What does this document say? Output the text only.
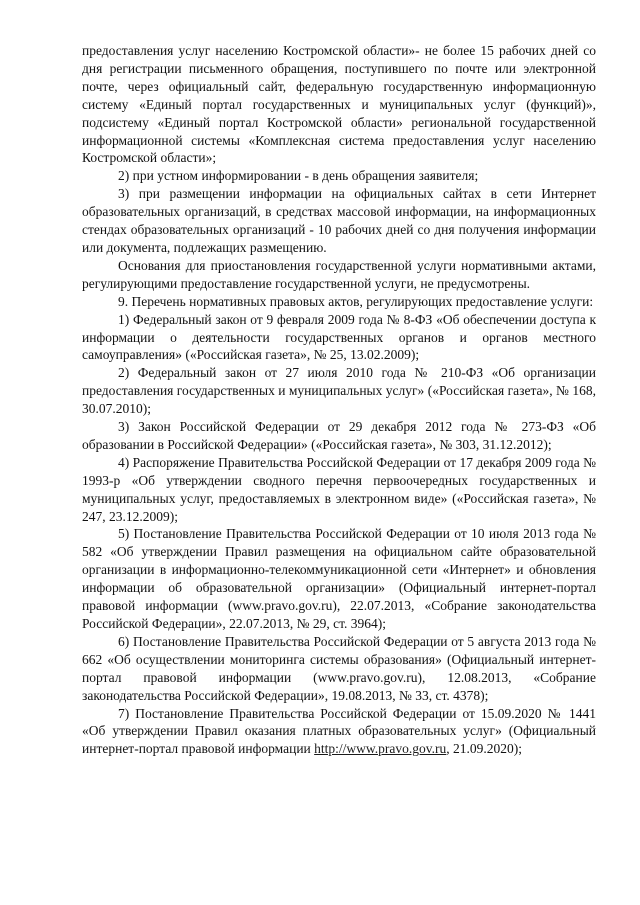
предоставления услуг населению Костромской области»- не более 15 рабочих дней со дня регистрации письменного обращения, поступившего по почте или электронной почте, через официальный сайт, федеральную государственную информационную систему «Единый портал государственных и муниципальных услуг (функций)», подсистему «Единый портал Костромской области» региональной государственной информационной системы «Комплексная система предоставления услуг населению Костромской области»;

2) при устном информировании - в день обращения заявителя;

3) при размещении информации на официальных сайтах в сети Интернет образовательных организаций, в средствах массовой информации, на информационных стендах образовательных организаций - 10 рабочих дней со дня получения информации или документа, подлежащих размещению.

Основания для приостановления государственной услуги нормативными актами, регулирующими предоставление государственной услуги, не предусмотрены.

9. Перечень нормативных правовых актов, регулирующих предоставление услуги:

1) Федеральный закон от 9 февраля 2009 года № 8-ФЗ «Об обеспечении доступа к информации о деятельности государственных органов и органов местного самоуправления» («Российская газета», № 25, 13.02.2009);

2) Федеральный закон от 27 июля 2010 года № 210-ФЗ «Об организации предоставления государственных и муниципальных услуг» («Российская газета», № 168, 30.07.2010);

3) Закон Российской Федерации от 29 декабря 2012 года № 273-ФЗ «Об образовании в Российской Федерации» («Российская газета», № 303, 31.12.2012);

4) Распоряжение Правительства Российской Федерации от 17 декабря 2009 года № 1993-р «Об утверждении сводного перечня первоочередных государственных и муниципальных услуг, предоставляемых в электронном виде» («Российская газета», № 247, 23.12.2009);

5) Постановление Правительства Российской Федерации от 10 июля 2013 года № 582 «Об утверждении Правил размещения на официальном сайте образовательной организации в информационно-телекоммуникационной сети «Интернет» и обновления информации об образовательной организации» (Официальный интернет-портал правовой информации (www.pravo.gov.ru), 22.07.2013, «Собрание законодательства Российской Федерации», 22.07.2013, № 29, ст. 3964);

6) Постановление Правительства Российской Федерации от 5 августа 2013 года № 662 «Об осуществлении мониторинга системы образования» (Официальный интернет-портал правовой информации (www.pravo.gov.ru), 12.08.2013, «Собрание законодательства Российской Федерации», 19.08.2013, № 33, ст. 4378);

7) Постановление Правительства Российской Федерации от 15.09.2020 № 1441 «Об утверждении Правил оказания платных образовательных услуг» (Официальный интернет-портал правовой информации http://www.pravo.gov.ru, 21.09.2020);
